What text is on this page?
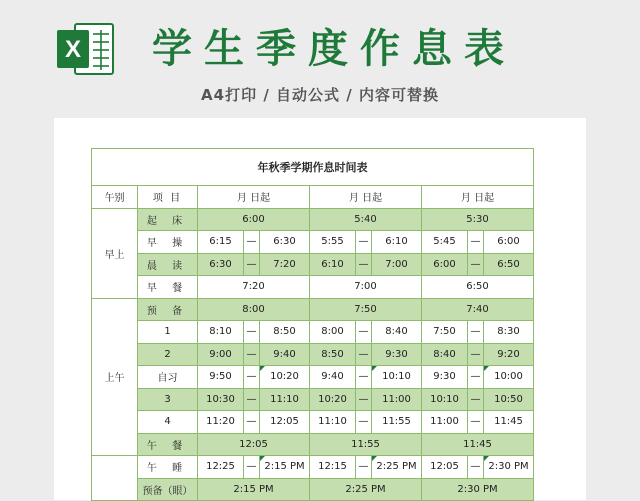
X 学生季度作息表
A4打印 / 自动公式 / 内容可替换
年秋季学期作息时间表										
午别	项 目	月 日起			月 日起			月 日起		
早上	起 床	6:00			5:40			5:30		
	早 操	6:15	—	6:30	5:55	—	6:10	5:45	—	6:00
	晨 读	6:30	—	7:20	6:10	—	7:00	6:00	—	6:50
	早 餐	7:20			7:00			6:50		
上午	预 备	8:00			7:50			7:40		
	1	8:10	—	8:50	8:00	—	8:40	7:50	—	8:30
	2	9:00	—	9:40	8:50	—	9:30	8:40	—	9:20
	自习	9:50	—	10:20	9:40	—	10:10	9:30	—	10:00
	3	10:30	—	11:10	10:20	—	11:00	10:10	—	10:50
	4	11:20	—	12:05	11:10	—	11:55	11:00	—	11:45
	午 餐	12:05			11:55			11:45		
	午 睡	12:25	—	2:15 PM	12:15	—	2:25 PM	12:05	—	2:30 PM
	预备（眼）	2:15 PM			2:25 PM			2:30 PM		
